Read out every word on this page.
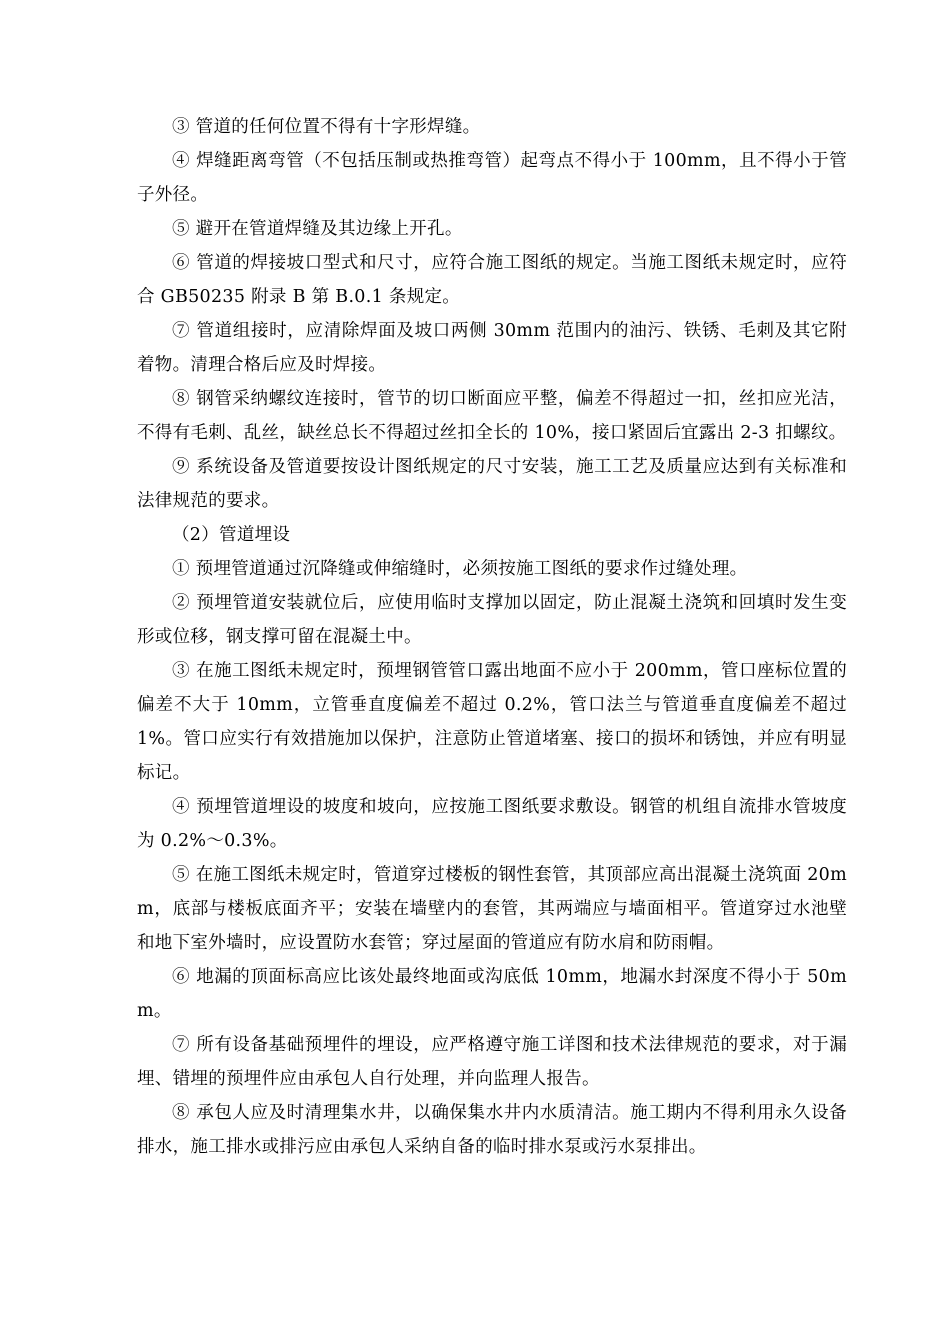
③ 管道的任何位置不得有十字形焊缝。

④ 焊缝距离弯管（不包括压制或热推弯管）起弯点不得小于 100mm，且不得小于管子外径。

⑤ 避开在管道焊缝及其边缘上开孔。

⑥ 管道的焊接坡口型式和尺寸，应符合施工图纸的规定。当施工图纸未规定时，应符合 GB50235 附录 B 第 B.0.1 条规定。

⑦ 管道组接时，应清除焊面及坡口两侧 30mm 范围内的油污、铁锈、毛刺及其它附着物。清理合格后应及时焊接。

⑧ 钢管采纳螺纹连接时，管节的切口断面应平整，偏差不得超过一扣，丝扣应光洁，不得有毛刺、乱丝，缺丝总长不得超过丝扣全长的 10%，接口紧固后宜露出 2-3 扣螺纹。

⑨ 系统设备及管道要按设计图纸规定的尺寸安装，施工工艺及质量应达到有关标准和法律规范的要求。

（2）管道埋设

① 预埋管道通过沉降缝或伸缩缝时，必须按施工图纸的要求作过缝处理。

② 预埋管道安装就位后，应使用临时支撑加以固定，防止混凝土浇筑和回填时发生变形或位移，钢支撑可留在混凝土中。

③ 在施工图纸未规定时，预埋钢管管口露出地面不应小于 200mm，管口座标位置的偏差不大于 10mm，立管垂直度偏差不超过 0.2%，管口法兰与管道垂直度偏差不超过 1%。管口应实行有效措施加以保护，注意防止管道堵塞、接口的损坏和锈蚀，并应有明显标记。

④ 预埋管道埋设的坡度和坡向，应按施工图纸要求敷设。钢管的机组自流排水管坡度为 0.2%～0.3%。

⑤ 在施工图纸未规定时，管道穿过楼板的钢性套管，其顶部应高出混凝土浇筑面 20mm，底部与楼板底面齐平；安装在墙壁内的套管，其两端应与墙面相平。管道穿过水池壁和地下室外墙时，应设置防水套管；穿过屋面的管道应有防水肩和防雨帽。

⑥ 地漏的顶面标高应比该处最终地面或沟底低 10mm，地漏水封深度不得小于 50mm。

⑦ 所有设备基础预埋件的埋设，应严格遵守施工详图和技术法律规范的要求，对于漏埋、错埋的预埋件应由承包人自行处理，并向监理人报告。

⑧ 承包人应及时清理集水井，以确保集水井内水质清洁。施工期内不得利用永久设备排水，施工排水或排污应由承包人采纳自备的临时排水泵或污水泵排出。
